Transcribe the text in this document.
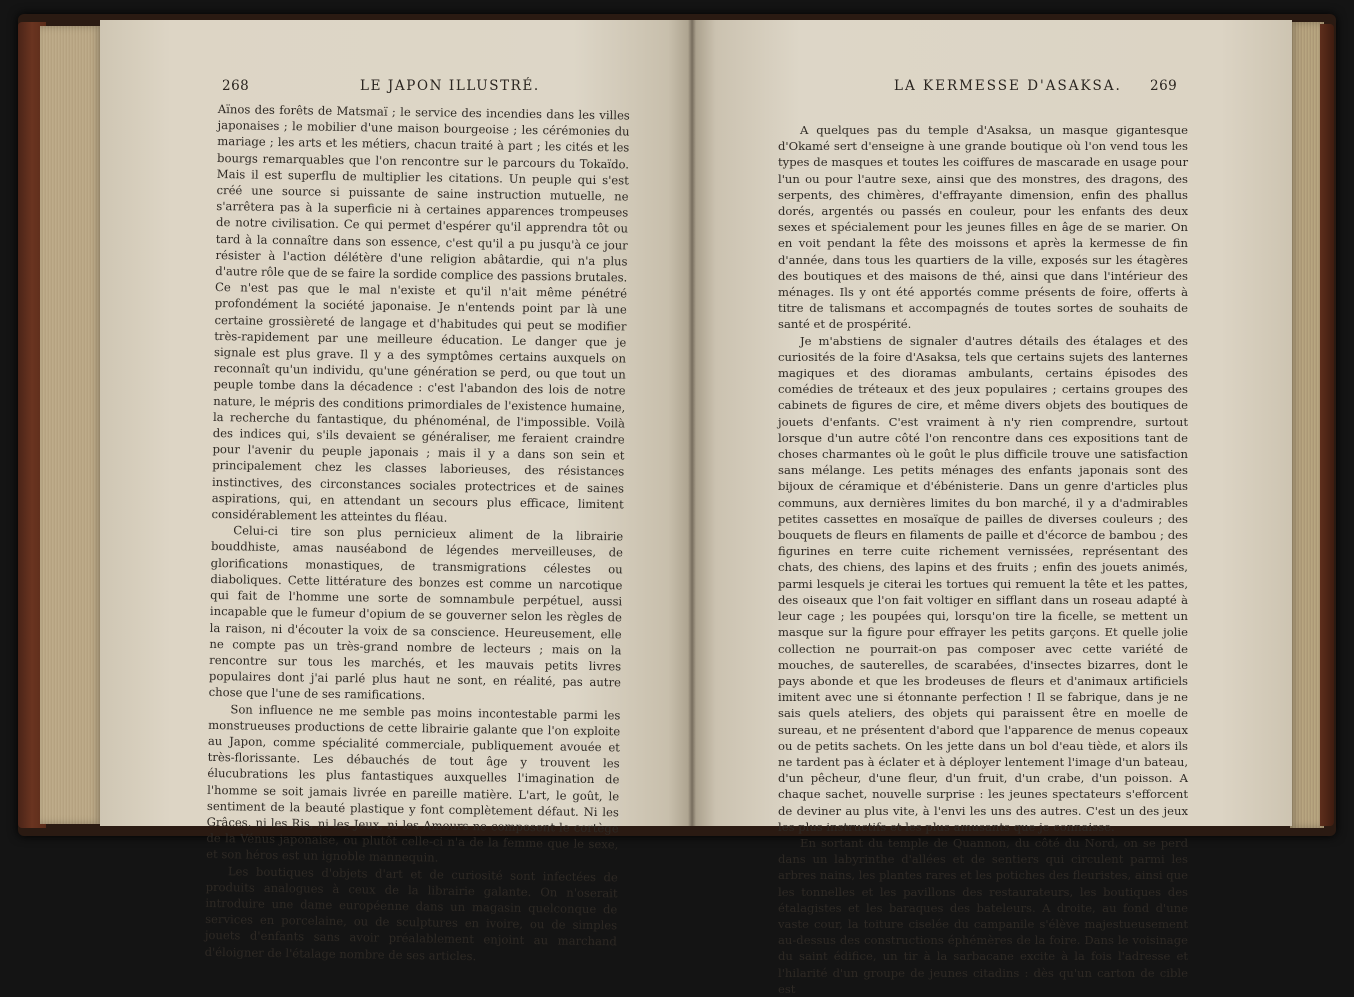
268	LE JAPON ILLUSTRÉ.	LA KERMESSE D'ASAKSA. 269

Aïnos des forêts de Matsmaï ; le service des incendies dans les villes japonaises ; le mobilier d'une maison bourgeoise ; les cérémonies du mariage ; les arts et les métiers, chacun traité à part ; les cités et les bourgs remarquables que l'on rencontre sur le parcours du Tokaïdo. Mais il est superflu de multiplier les citations. Un peuple qui s'est créé une source si puissante de saine instruction mutuelle, ne s'arrêtera pas à la superficie ni à certaines apparences trompeuses de notre civilisation. Ce qui permet d'espérer qu'il apprendra tôt ou tard à la connaître dans son essence, c'est qu'il a pu jusqu'à ce jour résister à l'action délétère d'une religion abâtardie, qui n'a plus d'autre rôle que de se faire la sordide complice des passions brutales. Ce n'est pas que le mal n'existe et qu'il n'ait même pénétré profondément la société japonaise. Je n'entends point par là une certaine grossièreté de langage et d'habitudes qui peut se modifier très-rapidement par une meilleure éducation. Le danger que je signale est plus grave. Il y a des symptômes certains auxquels on reconnaît qu'un individu, qu'une génération se perd, ou que tout un peuple tombe dans la décadence : c'est l'abandon des lois de notre nature, le mépris des conditions primordiales de l'existence humaine, la recherche du fantastique, du phénoménal, de l'impossible. Voilà des indices qui, s'ils devaient se généraliser, me feraient craindre pour l'avenir du peuple japonais ; mais il y a dans son sein et principalement chez les classes laborieuses, des résistances instinctives, des circonstances sociales protectrices et de saines aspirations, qui, en attendant un secours plus efficace, limitent considérablement les atteintes du fléau.

Celui-ci tire son plus pernicieux aliment de la librairie bouddhiste, amas nauséabond de légendes merveilleuses, de glorifications monastiques, de transmigrations célestes ou diaboliques. Cette littérature des bonzes est comme un narcotique qui fait de l'homme une sorte de somnambule perpétuel, aussi incapable que le fumeur d'opium de se gouverner selon les règles de la raison, ni d'écouter la voix de sa conscience. Heureusement, elle ne compte pas un très-grand nombre de lecteurs ; mais on la rencontre sur tous les marchés, et les mauvais petits livres populaires dont j'ai parlé plus haut ne sont, en réalité, pas autre chose que l'une de ses ramifications.

Son influence ne me semble pas moins incontestable parmi les monstrueuses productions de cette librairie galante que l'on exploite au Japon, comme spécialité commerciale, publiquement avouée et très-florissante. Les débauchés de tout âge y trouvent les élucubrations les plus fantastiques auxquelles l'imagination de l'homme se soit jamais livrée en pareille matière. L'art, le goût, le sentiment de la beauté plastique y font complètement défaut. Ni les Grâces, ni les Ris, ni les Jeux, ni les Amours ne composent le cortège de la Vénus japonaise, ou plutôt celle-ci n'a de la femme que le sexe, et son héros est un ignoble mannequin.

Les boutiques d'objets d'art et de curiosité sont infectées de produits analogues à ceux de la librairie galante. On n'oserait introduire une dame européenne dans un magasin quelconque de services en porcelaine, ou de sculptures en ivoire, ou de simples jouets d'enfants sans avoir préalablement enjoint au marchand d'éloigner de l'étalage nombre de ses articles.

A quelques pas du temple d'Asaksa, un masque gigantesque d'Okamé sert d'enseigne à une grande boutique où l'on vend tous les types de masques et toutes les coiffures de mascarade en usage pour l'un ou pour l'autre sexe, ainsi que des monstres, des dragons, des serpents, des chimères, d'effrayante dimension, enfin des phallus dorés, argentés ou passés en couleur, pour les enfants des deux sexes et spécialement pour les jeunes filles en âge de se marier. On en voit pendant la fête des moissons et après la kermesse de fin d'année, dans tous les quartiers de la ville, exposés sur les étagères des boutiques et des maisons de thé, ainsi que dans l'intérieur des ménages. Ils y ont été apportés comme présents de foire, offerts à titre de talismans et accompagnés de toutes sortes de souhaits de santé et de prospérité.

Je m'abstiens de signaler d'autres détails des étalages et des curiosités de la foire d'Asaksa, tels que certains sujets des lanternes magiques et des dioramas ambulants, certains épisodes des comédies de tréteaux et des jeux populaires ; certains groupes des cabinets de figures de cire, et même divers objets des boutiques de jouets d'enfants. C'est vraiment à n'y rien comprendre, surtout lorsque d'un autre côté l'on rencontre dans ces expositions tant de choses charmantes où le goût le plus difficile trouve une satisfaction sans mélange. Les petits ménages des enfants japonais sont des bijoux de céramique et d'ébénisterie. Dans un genre d'articles plus communs, aux dernières limites du bon marché, il y a d'admirables petites cassettes en mosaïque de pailles de diverses couleurs ; des bouquets de fleurs en filaments de paille et d'écorce de bambou ; des figurines en terre cuite richement vernissées, représentant des chats, des chiens, des lapins et des fruits ; enfin des jouets animés, parmi lesquels je citerai les tortues qui remuent la tête et les pattes, des oiseaux que l'on fait voltiger en sifflant dans un roseau adapté à leur cage ; les poupées qui, lorsqu'on tire la ficelle, se mettent un masque sur la figure pour effrayer les petits garçons. Et quelle jolie collection ne pourrait-on pas composer avec cette variété de mouches, de sauterelles, de scarabées, d'insectes bizarres, dont le pays abonde et que les brodeuses de fleurs et d'animaux artificiels imitent avec une si étonnante perfection ! Il se fabrique, dans je ne sais quels ateliers, des objets qui paraissent être en moelle de sureau, et ne présentent d'abord que l'apparence de menus copeaux ou de petits sachets. On les jette dans un bol d'eau tiède, et alors ils ne tardent pas à éclater et à déployer lentement l'image d'un bateau, d'un pêcheur, d'une fleur, d'un fruit, d'un crabe, d'un poisson. A chaque sachet, nouvelle surprise : les jeunes spectateurs s'efforcent de deviner au plus vite, à l'envi les uns des autres. C'est un des jeux les plus instructifs et les plus amusants que je connaisse.

En sortant du temple de Quannon, du côté du Nord, on se perd dans un labyrinthe d'allées et de sentiers qui circulent parmi les arbres nains, les plantes rares et les potiches des fleuristes, ainsi que les tonnelles et les pavillons des restaurateurs, les boutiques des étalagistes et les baraques des bateleurs. A droite, au fond d'une vaste cour, la toiture ciselée du campanile s'élève majestueusement au-dessus des constructions éphémères de la foire. Dans le voisinage du saint édifice, un tir à la sarbacane excite à la fois l'adresse et l'hilarité d'un groupe de jeunes citadins : dès qu'un carton de cible est
